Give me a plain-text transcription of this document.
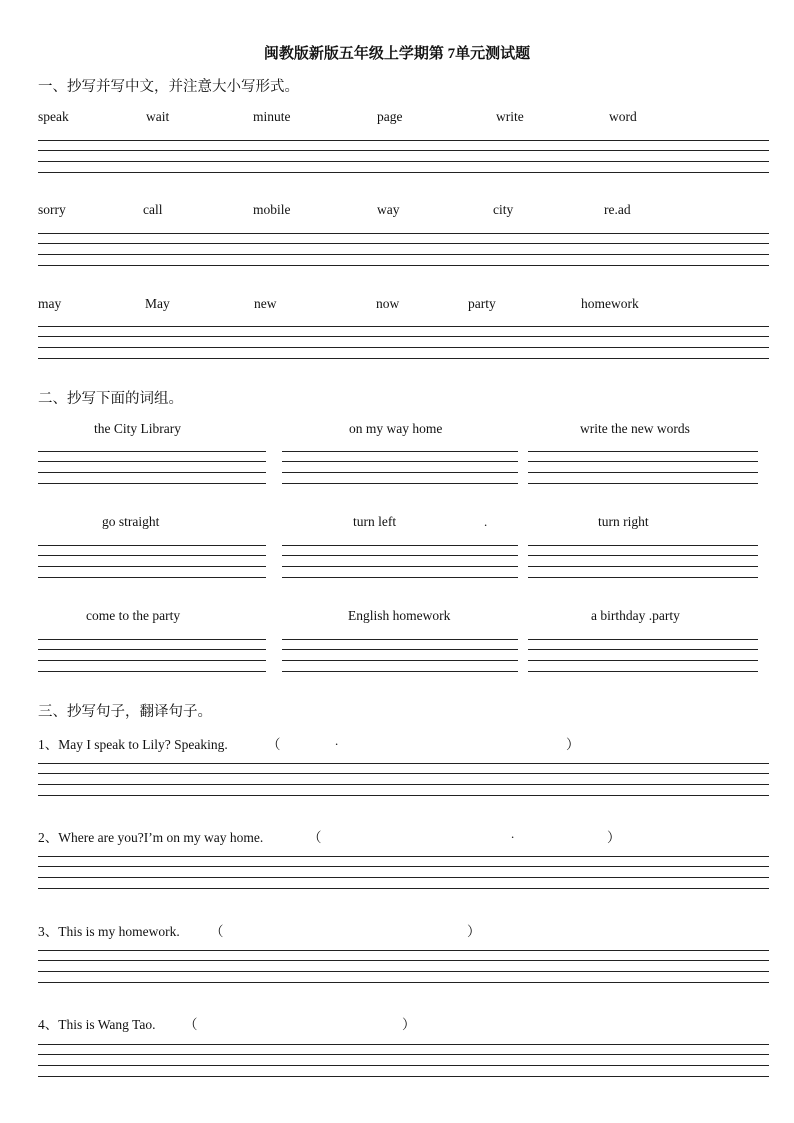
闽教版新版五年级上学期第 7单元测试题
一、抄写并写中文，并注意大小写形式。
speak	wait	minute	page	write	word
sorry	call	mobile	way	city	re.ad
may	May	new	now	party	homework
二、抄写下面的词组。
the City Library	on my way home	write the new words
go straight	turn left	.	turn right
come to the party	English homework	a birthday .party
三、抄写句子，翻译句子。
1、May I speak to Lily? Speaking.	（	.	）
2、Where are you?I’m on my way home.	（	.	）
3、This is my homework. （	）
4、This is Wang Tao. （	）
